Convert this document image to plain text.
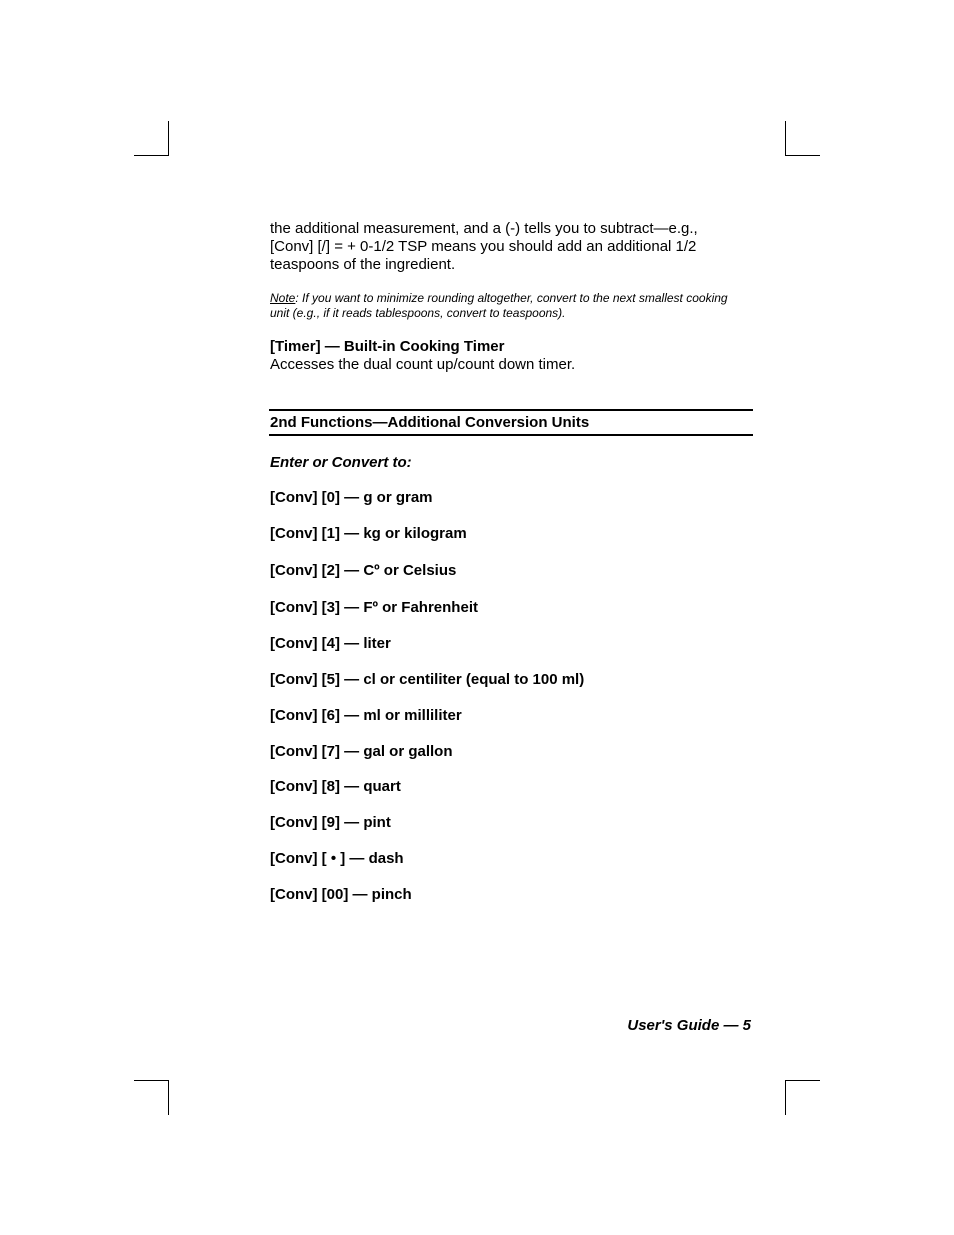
the additional measurement, and a (-) tells you to subtract—e.g.,
[Conv] [/] = + 0-1/2 TSP means you should add an additional 1/2
teaspoons of the ingredient.
Note: If you want to minimize rounding altogether, convert to the next smallest cooking
unit (e.g., if it reads tablespoons, convert to teaspoons).
[Timer] — Built-in Cooking Timer
Accesses the dual count up/count down timer.
2nd Functions—Additional Conversion Units
Enter or Convert to:
[Conv] [0] — g or gram
[Conv] [1] — kg or kilogram
[Conv] [2] — Cº or Celsius
[Conv] [3] — Fº or Fahrenheit
[Conv] [4] — liter
[Conv] [5] — cl or centiliter (equal to 100 ml)
[Conv] [6] — ml or milliliter
[Conv] [7] — gal or gallon
[Conv] [8] — quart
[Conv] [9] — pint
[Conv] [ • ] — dash
[Conv] [00] — pinch
User's Guide — 5
